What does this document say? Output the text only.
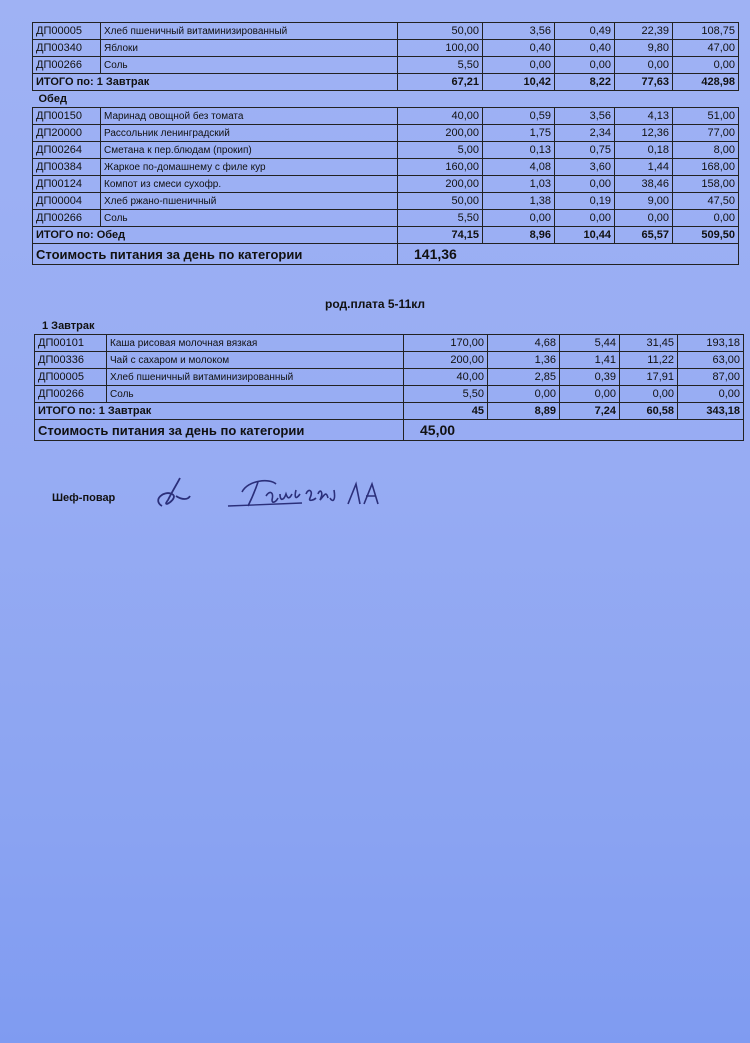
ДП00005	Хлеб пшеничный витаминизированный	50,00	3,56	0,49	22,39	108,75
ДП00340	Яблоки	100,00	0,40	0,40	9,80	47,00
ДП00266	Соль	5,50	0,00	0,00	0,00	0,00
ИТОГО по: 1 Завтрак		67,21	10,42	8,22	77,63	428,98
Обед						
ДП00150	Маринад овощной без томата	40,00	0,59	3,56	4,13	51,00
ДП20000	Рассольник ленинградский	200,00	1,75	2,34	12,36	77,00
ДП00264	Сметана к пер.блюдам (прокип)	5,00	0,13	0,75	0,18	8,00
ДП00384	Жаркое по-домашнему с филе кур	160,00	4,08	3,60	1,44	168,00
ДП00124	Компот из смеси сухофр.	200,00	1,03	0,00	38,46	158,00
ДП00004	Хлеб ржано-пшеничный	50,00	1,38	0,19	9,00	47,50
ДП00266	Соль	5,50	0,00	0,00	0,00	0,00
ИТОГО по: Обед		74,15	8,96	10,44	65,57	509,50
Стоимость питания за день по категории		141,36				
род.плата 5-11кл
1 Завтрак
ДП00101	Каша рисовая молочная вязкая	170,00	4,68	5,44	31,45	193,18
ДП00336	Чай с сахаром и молоком	200,00	1,36	1,41	11,22	63,00
ДП00005	Хлеб пшеничный витаминизированный	40,00	2,85	0,39	17,91	87,00
ДП00266	Соль	5,50	0,00	0,00	0,00	0,00
ИТОГО по: 1 Завтрак		45	8,89	7,24	60,58	343,18
Стоимость питания за день по категории		45,00				
Шеф-повар
